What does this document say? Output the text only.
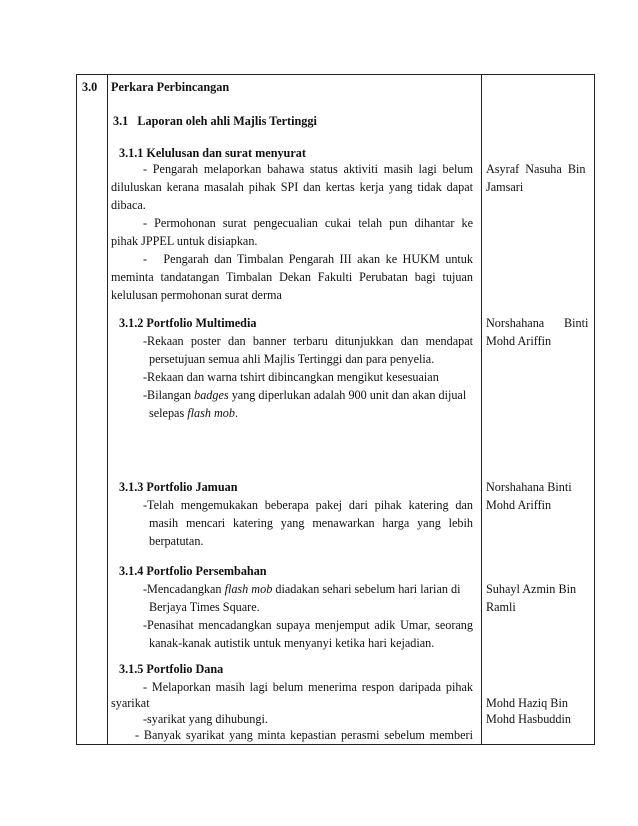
3.0 Perkara Perbincangan
3.1   Laporan oleh ahli Majlis Tertinggi
3.1.1 Kelulusan dan surat menyurat
- Pengarah melaporkan bahawa status aktiviti masih lagi belum
diluluskan kerana masalah pihak SPI dan kertas kerja yang tidak dapat
dibaca.
- Permohonan surat pengecualian cukai telah pun dihantar ke
pihak JPPEL untuk disiapkan.
-   Pengarah dan Timbalan Pengarah III akan ke HUKM untuk
meminta tandatangan Timbalan Dekan Fakulti Perubatan bagi tujuan
kelulusan permohonan surat derma
Asyraf  Nasuha  Bin
Jamsari
3.1.2 Portfolio Multimedia
-Rekaan poster dan banner terbaru ditunjukkan dan mendapat
persetujuan semua ahli Majlis Tertinggi dan para penyelia.
-Rekaan dan warna tshirt dibincangkan mengikut kesesuaian
-Bilangan badges yang diperlukan adalah 900 unit dan akan dijual
selepas flash mob.
Norshahana Binti
Mohd Ariffin
3.1.3 Portfolio Jamuan
-Telah mengemukakan beberapa pakej dari pihak katering dan
masih mencari katering yang menawarkan harga yang lebih
berpatutan.
Norshahana Binti
Mohd Ariffin
3.1.4 Portfolio Persembahan
-Mencadangkan flash mob diadakan sehari sebelum hari larian di
Berjaya Times Square.
-Penasihat mencadangkan supaya menjemput adik Umar, seorang
kanak-kanak autistik untuk menyanyi ketika hari kejadian.
Suhayl Azmin Bin
Ramli
3.1.5 Portfolio Dana
- Melaporkan masih lagi belum menerima respon daripada pihak
syarikat
-syarikat yang dihubungi.
- Banyak syarikat yang minta kepastian perasmi sebelum memberi
Mohd Haziq Bin
Mohd Hasbuddin
